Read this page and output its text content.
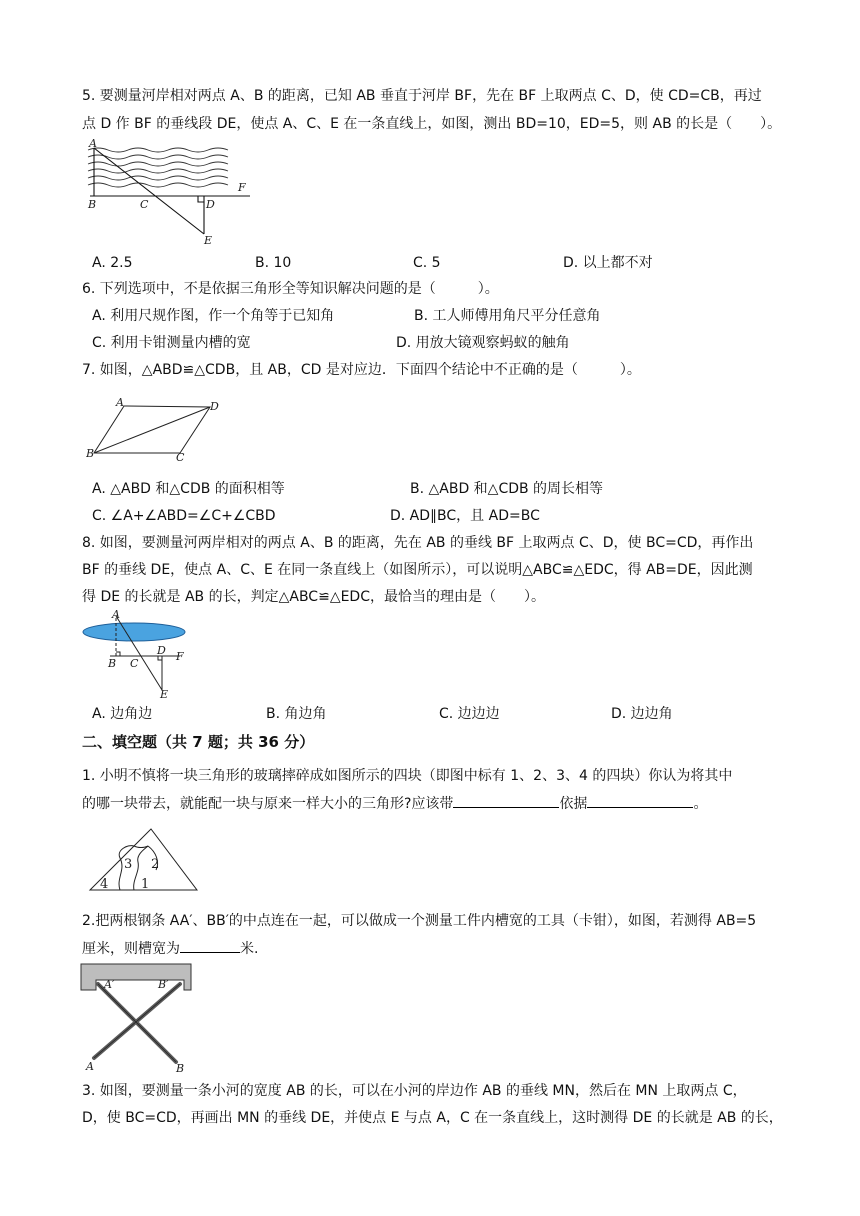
5. 要测量河岸相对两点 A、B 的距离，已知 AB 垂直于河岸 BF，先在 BF 上取两点 C、D，使 CD=CB，再过
点 D 作 BF 的垂线段 DE，使点 A、C、E 在一条直线上，如图，测出 BD=10，ED=5，则 AB 的长是（　　）。
A
B	C	D
E
F
A. 2.5	B. 10	C. 5	D. 以上都不对
6. 下列选项中，不是依据三角形全等知识解决问题的是（　　　）。
A. 利用尺规作图，作一个角等于已知角	B. 工人师傅用角尺平分任意角
C. 利用卡钳测量内槽的宽	D. 用放大镜观察蚂蚁的触角
7. 如图，△ABD≌△CDB，且 AB，CD 是对应边．下面四个结论中不正确的是（　　　）。
A
B	C
D
A. △ABD 和△CDB 的面积相等	B. △ABD 和△CDB 的周长相等
C. ∠A+∠ABD=∠C+∠CBD	D. AD∥BC，且 AD=BC
8. 如图，要测量河两岸相对的两点 A、B 的距离，先在 AB 的垂线 BF 上取两点 C、D，使 BC=CD，再作出
BF 的垂线 DE，使点 A、C、E 在同一条直线上（如图所示），可以说明△ABC≌△EDC，得 AB=DE，因此测
得 DE 的长就是 AB 的长，判定△ABC≌△EDC，最恰当的理由是（　　）。
A
B C
D
E
F
A. 边角边	B. 角边角	C. 边边边	D. 边边角
二、填空题（共 7 题；共 36 分）
1. 小明不慎将一块三角形的玻璃摔碎成如图所示的四块（即图中标有 1、2、3、4 的四块）你认为将其中
的哪一块带去，就能配一块与原来一样大小的三角形?应该带	依据	。
3 2
4	1
2.把两根钢条 AA′、BB′的中点连在一起，可以做成一个测量工件内槽宽的工具（卡钳），如图，若测得 AB=5
厘米，则槽宽为	米.
A′	B′
A	B
3. 如图，要测量一条小河的宽度 AB 的长，可以在小河的岸边作 AB 的垂线 MN，然后在 MN 上取两点 C，
D，使 BC=CD，再画出 MN 的垂线 DE，并使点 E 与点 A，C 在一条直线上，这时测得 DE 的长就是 AB 的长，
